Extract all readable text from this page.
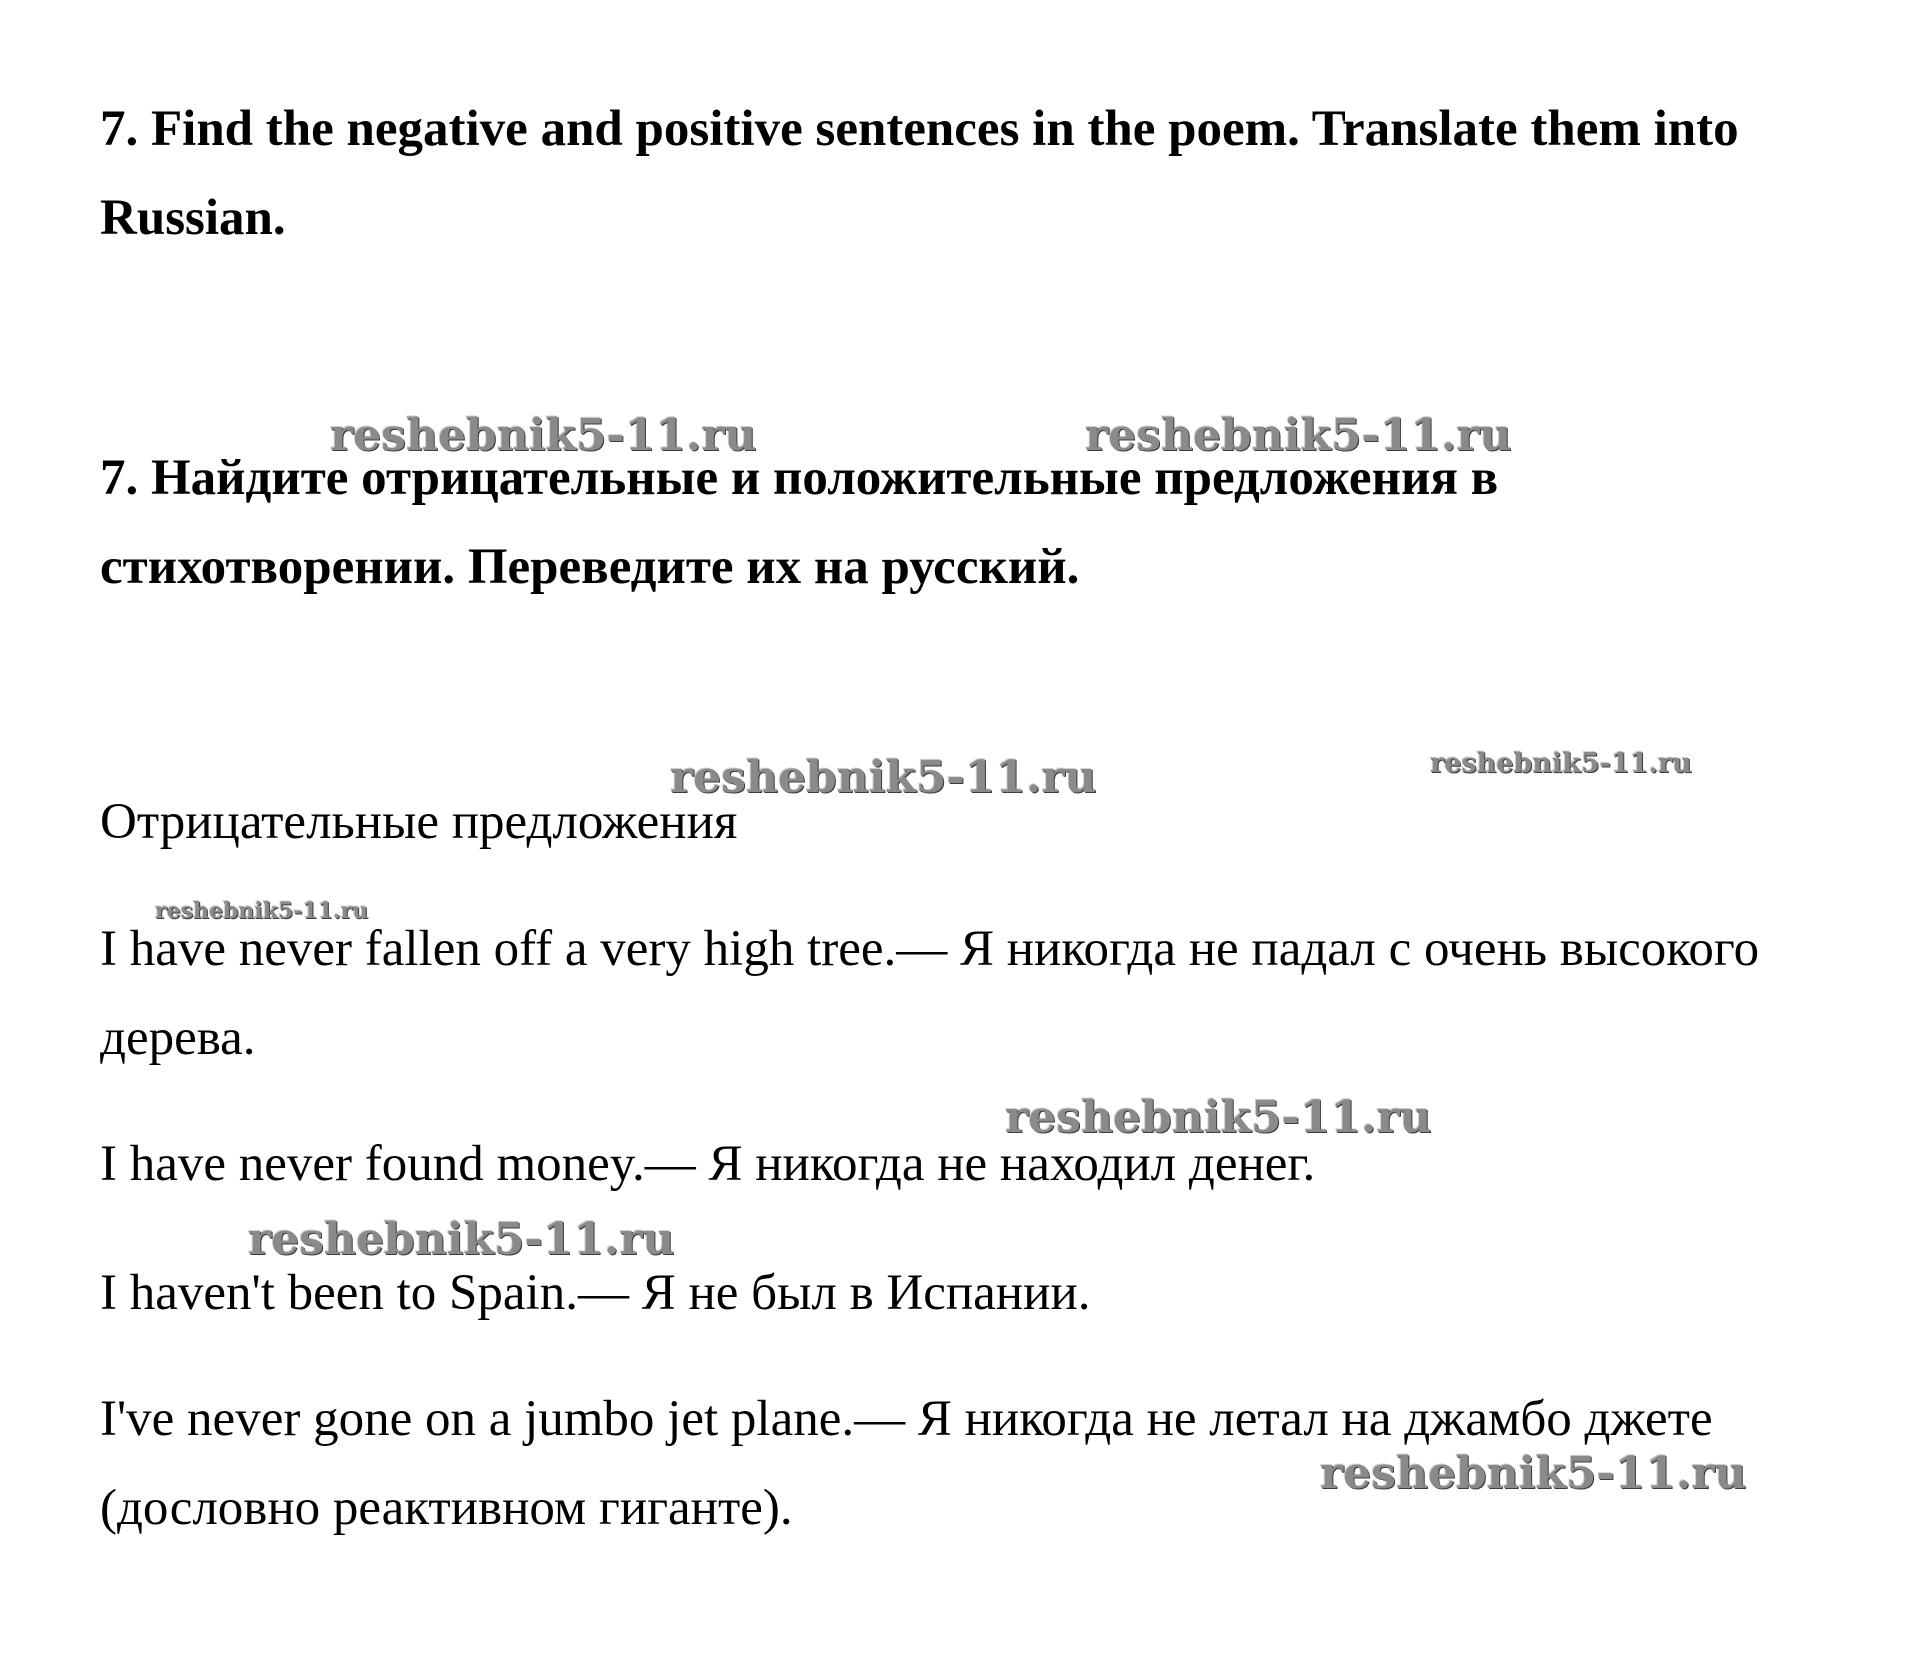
7. Find the negative and positive sentences in the poem. Translate them into Russian.

7. Найдите отрицательные и положительные предложения в стихотворении. Переведите их на русский.

Отрицательные предложения

I have never fallen off a very high tree.— Я никогда не падал с очень высокого дерева.

I have never found money.— Я никогда не находил денег.

I haven't been to Spain.— Я не был в Испании.

I've never gone on a jumbo jet plane.— Я никогда не летал на джамбо джете (дословно реактивном гиганте).

reshebnik5-11.ru	reshebnik5-11.ru
reshebnik5-11.ru	reshebnik5-11.ru
reshebnik5-11.ru
reshebnik5-11.ru
reshebnik5-11.ru
reshebnik5-11.ru
